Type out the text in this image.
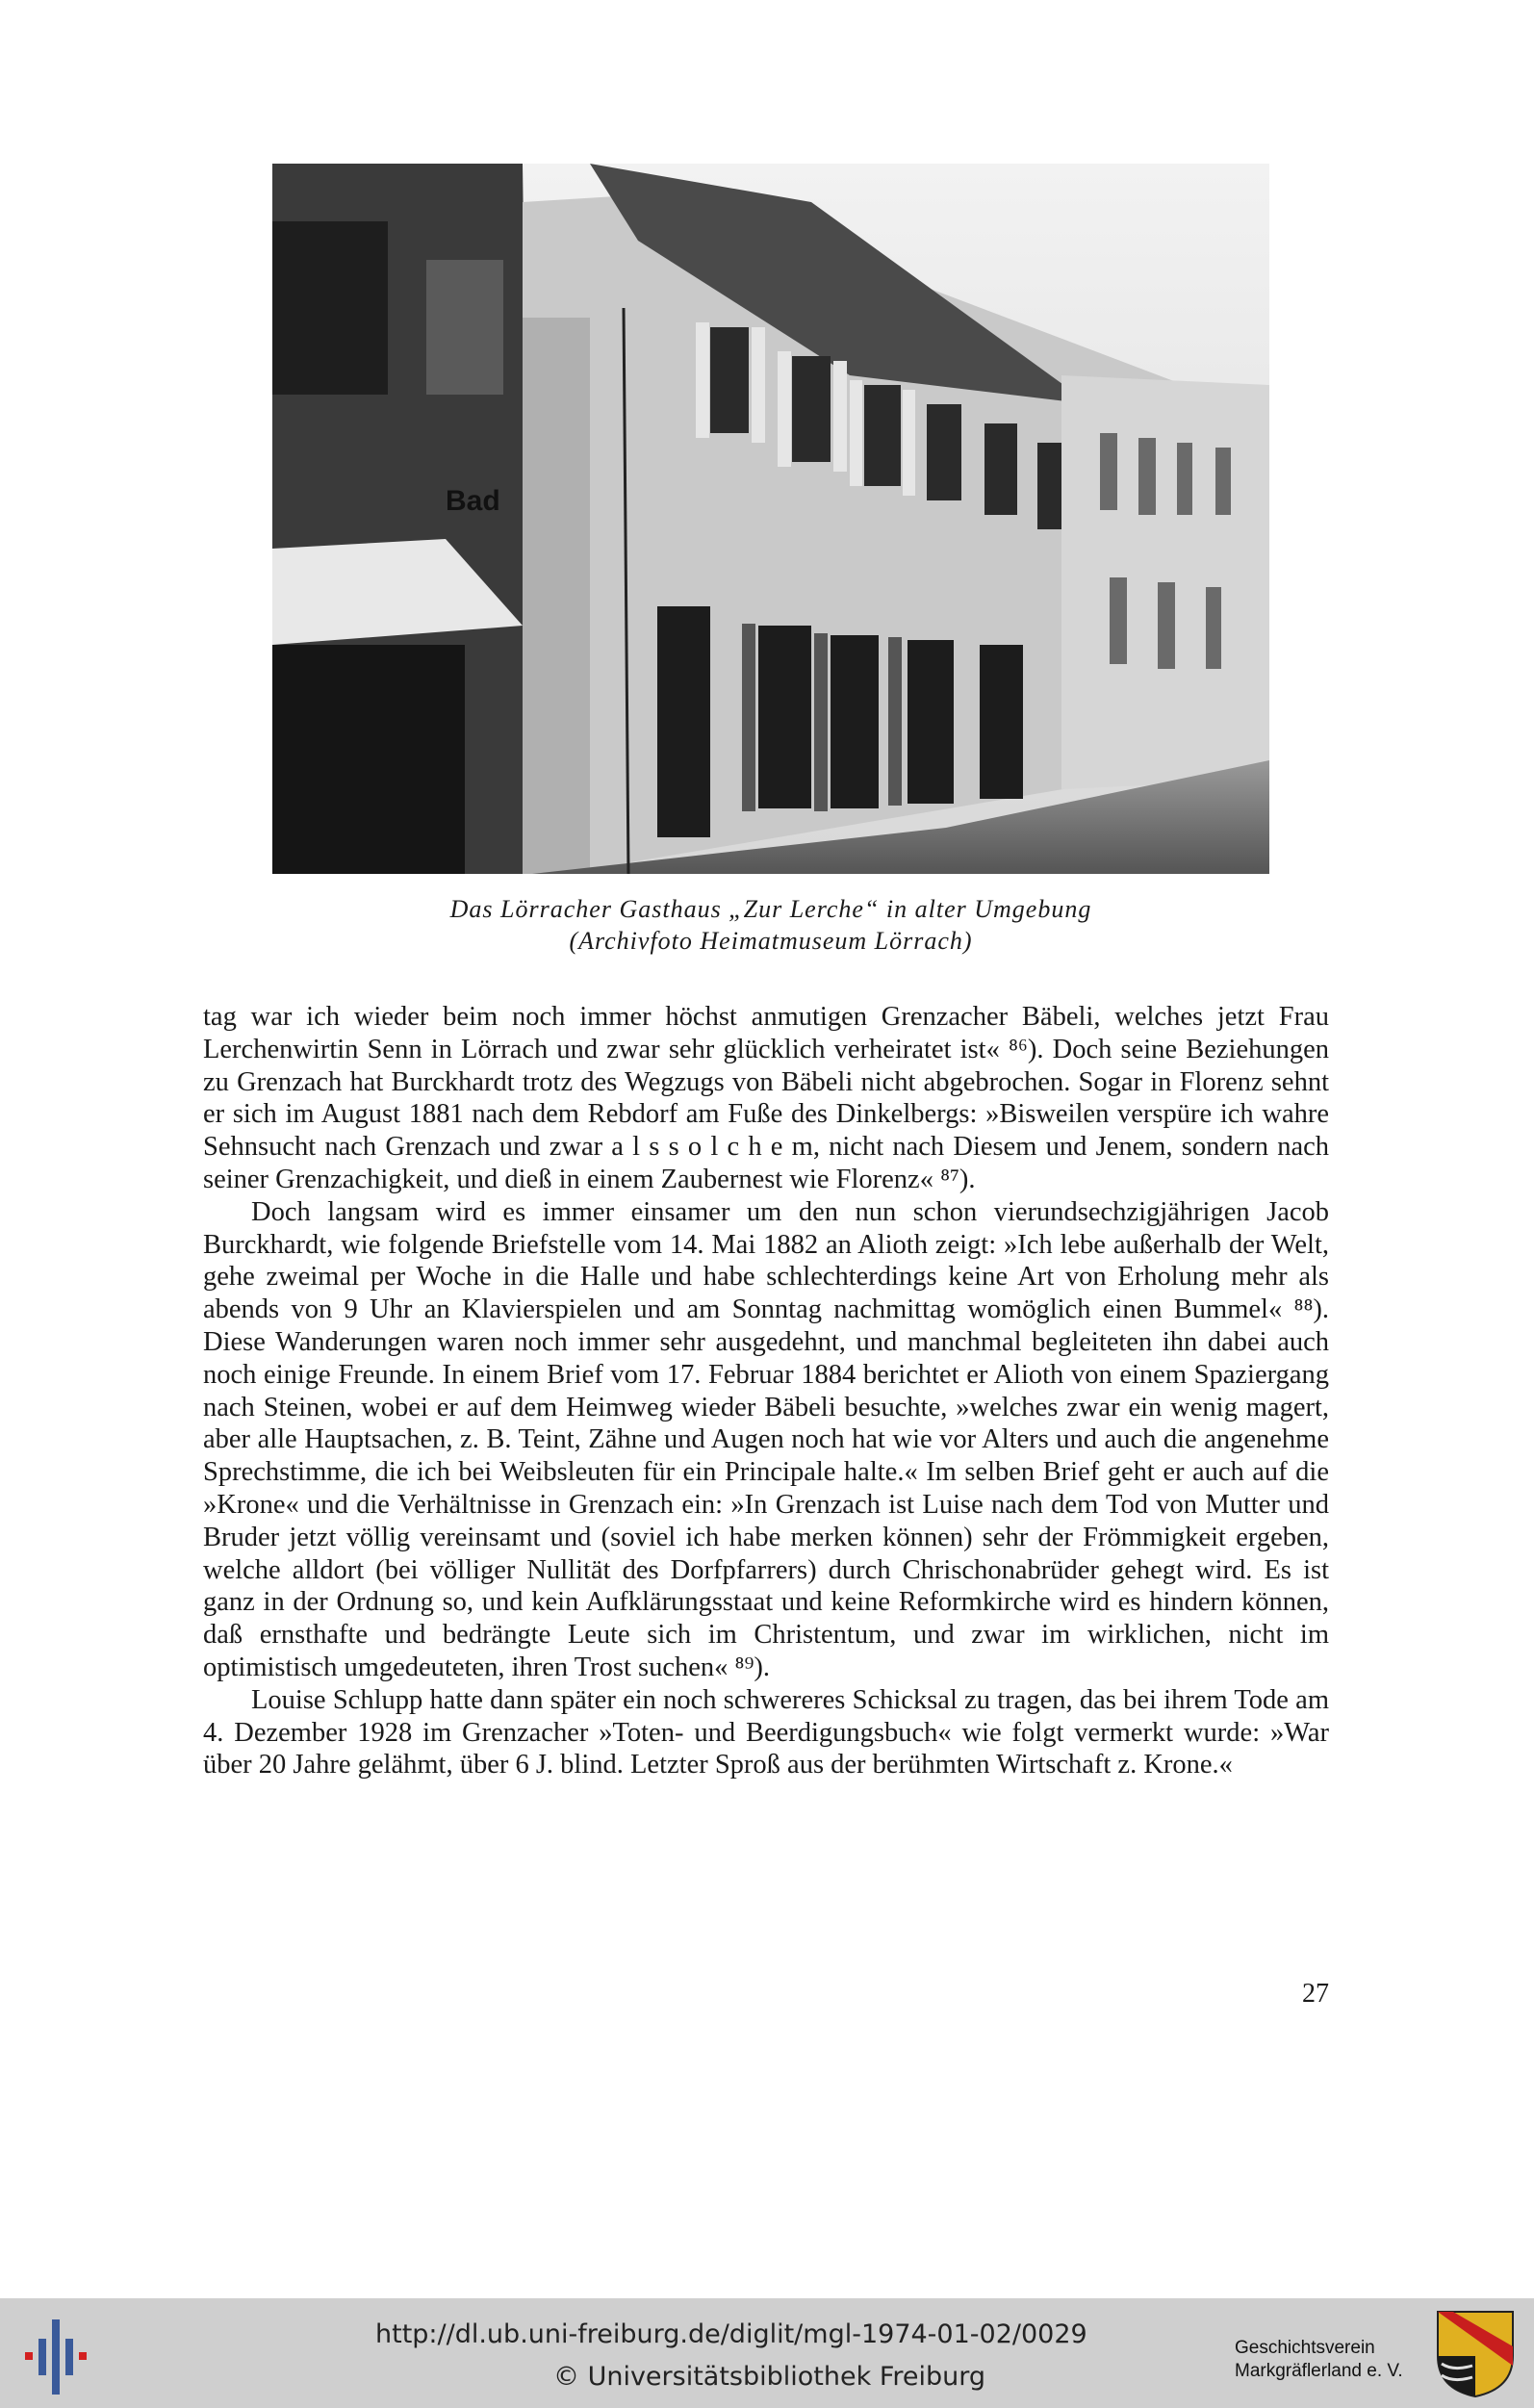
Bad
Das Lörracher Gasthaus „Zur Lerche“ in alter Umgebung
(Archivfoto Heimatmuseum Lörrach)

tag war ich wieder beim noch immer höchst anmutigen Grenzacher Bäbeli, welches jetzt Frau Lerchenwirtin Senn in Lörrach und zwar sehr glücklich verheiratet ist« ⁸⁶). Doch seine Beziehungen zu Grenzach hat Burckhardt trotz des Wegzugs von Bäbeli nicht abgebrochen. Sogar in Florenz sehnt er sich im August 1881 nach dem Rebdorf am Fuße des Dinkelbergs: »Bisweilen verspüre ich wahre Sehnsucht nach Grenzach und zwar a l s s o l c h e m, nicht nach Diesem und Jenem, sondern nach seiner Grenzachigkeit, und dieß in einem Zaubernest wie Florenz« ⁸⁷).

Doch langsam wird es immer einsamer um den nun schon vierundsechzigjährigen Jacob Burckhardt, wie folgende Briefstelle vom 14. Mai 1882 an Alioth zeigt: »Ich lebe außerhalb der Welt, gehe zweimal per Woche in die Halle und habe schlechterdings keine Art von Erholung mehr als abends von 9 Uhr an Klavierspielen und am Sonntag nachmittag womöglich einen Bummel« ⁸⁸). Diese Wanderungen waren noch immer sehr ausgedehnt, und manchmal begleiteten ihn dabei auch noch einige Freunde. In einem Brief vom 17. Februar 1884 berichtet er Alioth von einem Spaziergang nach Steinen, wobei er auf dem Heimweg wieder Bäbeli besuchte, »welches zwar ein wenig magert, aber alle Hauptsachen, z. B. Teint, Zähne und Augen noch hat wie vor Alters und auch die angenehme Sprechstimme, die ich bei Weibsleuten für ein Principale halte.« Im selben Brief geht er auch auf die »Krone« und die Verhältnisse in Grenzach ein: »In Grenzach ist Luise nach dem Tod von Mutter und Bruder jetzt völlig vereinsamt und (soviel ich habe merken können) sehr der Frömmigkeit ergeben, welche alldort (bei völliger Nullität des Dorfpfarrers) durch Chrischonabrüder gehegt wird. Es ist ganz in der Ordnung so, und kein Aufklärungsstaat und keine Reformkirche wird es hindern können, daß ernsthafte und bedrängte Leute sich im Christentum, und zwar im wirklichen, nicht im optimistisch umgedeuteten, ihren Trost suchen« ⁸⁹).

Louise Schlupp hatte dann später ein noch schwereres Schicksal zu tragen, das bei ihrem Tode am 4. Dezember 1928 im Grenzacher »Toten- und Beerdigungsbuch« wie folgt vermerkt wurde: »War über 20 Jahre gelähmt, über 6 J. blind. Letzter Sproß aus der berühmten Wirtschaft z. Krone.«

27
http://dl.ub.uni-freiburg.de/diglit/mgl-1974-01-02/0029
© Universitätsbibliothek Freiburg
Geschichtsverein
Markgräflerland e. V.
